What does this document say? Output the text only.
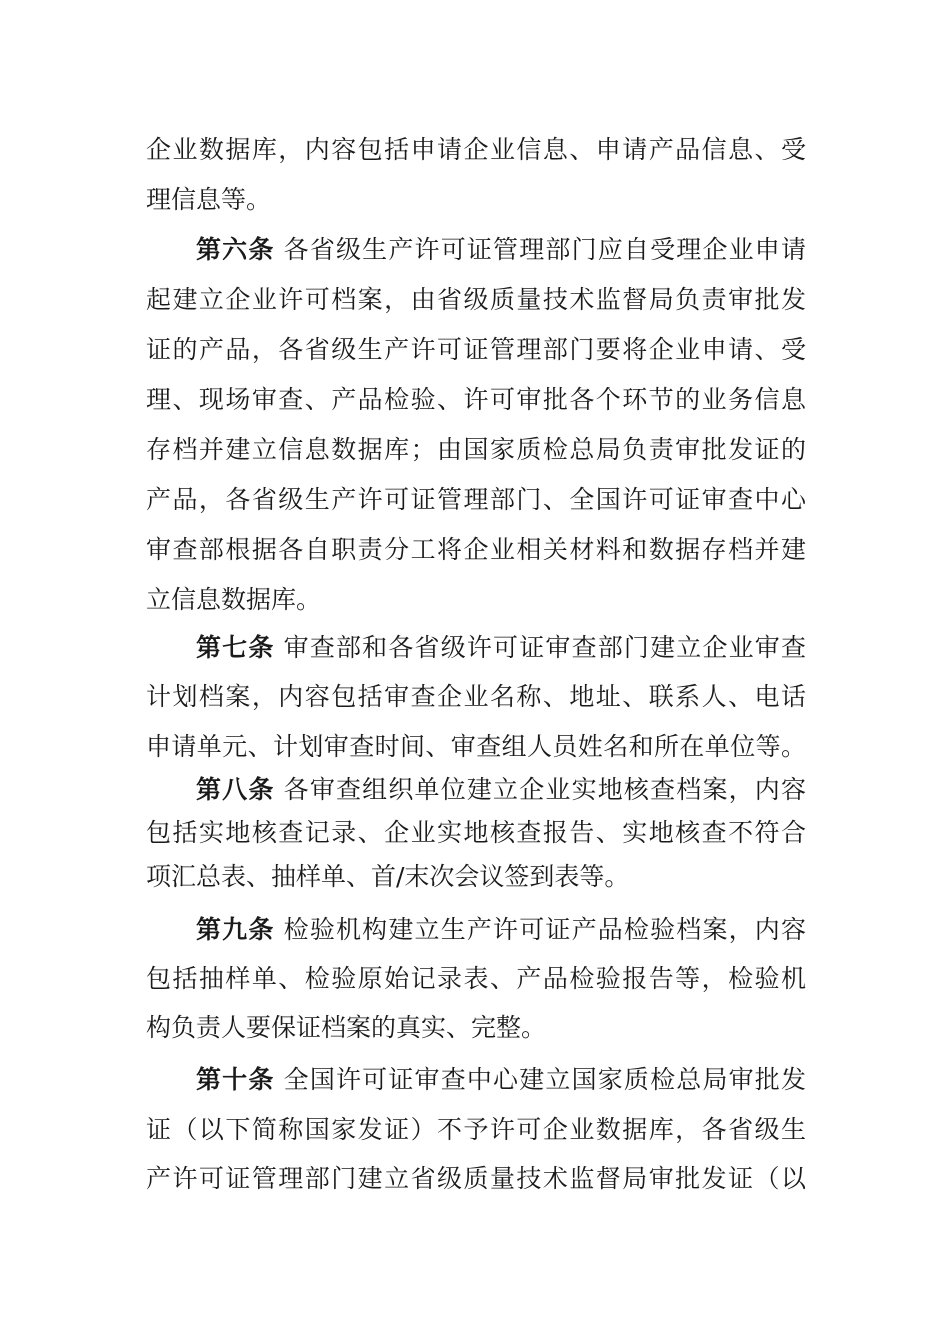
企业数据库，内容包括申请企业信息、申请产品信息、受
理信息等。
第六条 各省级生产许可证管理部门应自受理企业申请
起建立企业许可档案，由省级质量技术监督局负责审批发
证的产品，各省级生产许可证管理部门要将企业申请、受
理、现场审查、产品检验、许可审批各个环节的业务信息
存档并建立信息数据库；由国家质检总局负责审批发证的
产品，各省级生产许可证管理部门、全国许可证审查中心
审查部根据各自职责分工将企业相关材料和数据存档并建
立信息数据库。
第七条 审查部和各省级许可证审查部门建立企业审查
计划档案，内容包括审查企业名称、地址、联系人、电话
申请单元、计划审查时间、审查组人员姓名和所在单位等。
第八条 各审查组织单位建立企业实地核查档案，内容
包括实地核查记录、企业实地核查报告、实地核查不符合
项汇总表、抽样单、首/末次会议签到表等。
第九条 检验机构建立生产许可证产品检验档案，内容
包括抽样单、检验原始记录表、产品检验报告等，检验机
构负责人要保证档案的真实、完整。
第十条 全国许可证审查中心建立国家质检总局审批发
证（以下简称国家发证）不予许可企业数据库，各省级生
产许可证管理部门建立省级质量技术监督局审批发证（以
